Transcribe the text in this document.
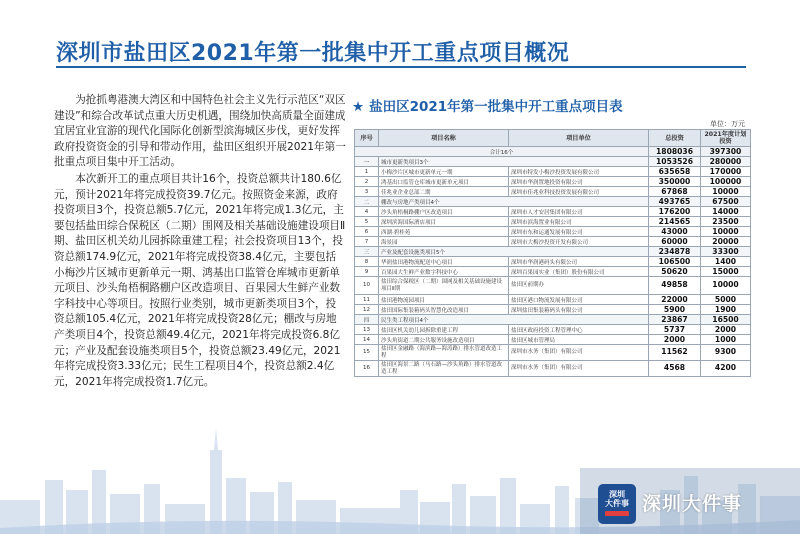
深圳市盐田区2021年第一批集中开工重点项目概况

为抢抓粤港澳大湾区和中国特色社会主义先行示范区“双区建设”和综合改革试点重大历史机遇，围绕加快高质量全面建成宜居宜业宜游的现代化国际化创新型滨海城区步伐，更好发挥政府投资资金的引导和带动作用，盐田区组织开展2021年第一批重点项目集中开工活动。

本次新开工的重点项目共计16个，投资总额共计180.6亿元，预计2021年将完成投资39.7亿元。按照资金来源，政府投资项目3个，投资总额5.7亿元，2021年将完成1.3亿元，主要包括盐田综合保税区（二期）围网及相关基础设施建设项目Ⅱ期、盐田区机关幼儿园拆除重建工程；社会投资项目13个，投资总额174.9亿元，2021年将完成投资38.4亿元，主要包括小梅沙片区城市更新单元一期、鸿基出口监管仓库城市更新单元项目、沙头角梧桐路棚户区改造项目、百果园大生鲜产业数字科技中心等项目。按照行业类别，城市更新类项目3个，投资总额105.4亿元，2021年将完成投资28亿元；棚改与房地产类项目4个，投资总额49.4亿元，2021年将完成投资6.8亿元；产业及配套设施类项目5个，投资总额23.49亿元，2021年将完成投资3.33亿元；民生工程项目4个，投资总额2.4亿元，2021年将完成投资1.7亿元。

★ 盐田区2021年第一批集中开工重点项目表
单位：万元
序号	项目名称	项目单位	总投资	2021年度计划投资
合计16个			1808036	397300
一	城市更新类项目3个		1053526	280000
1	小梅沙片区城市更新单元一期	深圳市特发小梅沙投资发展有限公司	635658	170000
2	鸿基出口监管仓库城市更新单元项目	深圳市华润置地投资有限公司	350000	100000
3	佳兆业企业总部二期	深圳市佳兆业科技投资发展有限公司	67868	10000
二	棚改与房地产类项目4个		493765	67500
4	沙头角梧桐路棚户区改造项目	深圳市人才安居集团有限公司	176200	14000
5	深圳滨海国际酒店项目	深圳市滨海置业有限公司	214565	23500
6	西湖·碧桂苑	深圳市东和运通发展有限公司	43000	10000
7	海景园	深圳市大梅沙投资开发有限公司	60000	20000
三	产业及配套设施类项目5个		234878	33300
8	华润盐田港物流配送中心项目	深圳市华润港码头有限公司	106500	1400
9	百果园大生鲜产业数字科技中心	深圳百果园实业（集团）股份有限公司	50620	15000
10	盐田综合保税区（二期）围网及相关基础设施建设项目Ⅱ期	盐田区前期办	49858	10000
11	盐田港物流园项目	盐田区港口物流发展有限公司	22000	5000
12	盐田国际集装箱码头智慧化改造项目	深圳盐田集装箱码头有限公司	5900	1900
四	民生类工程项目4个		23867	16500
13	盐田区机关幼儿园拆除重建工程	盐田区政府投资工程管理中心	5737	2000
14	沙头角街道二期公共服务设施改造项目	盐田区城市管理局	2000	1000
15	盐田区金融路（海滨路—海涛路）排水管道改造工程	深圳市水务（集团）有限公司	11562	9300
16	盐田区海景二路（马石路—沙头角路）排水管道改造工程	深圳市水务（集团）有限公司	4568	4200
深圳
大件事 深圳大件事
